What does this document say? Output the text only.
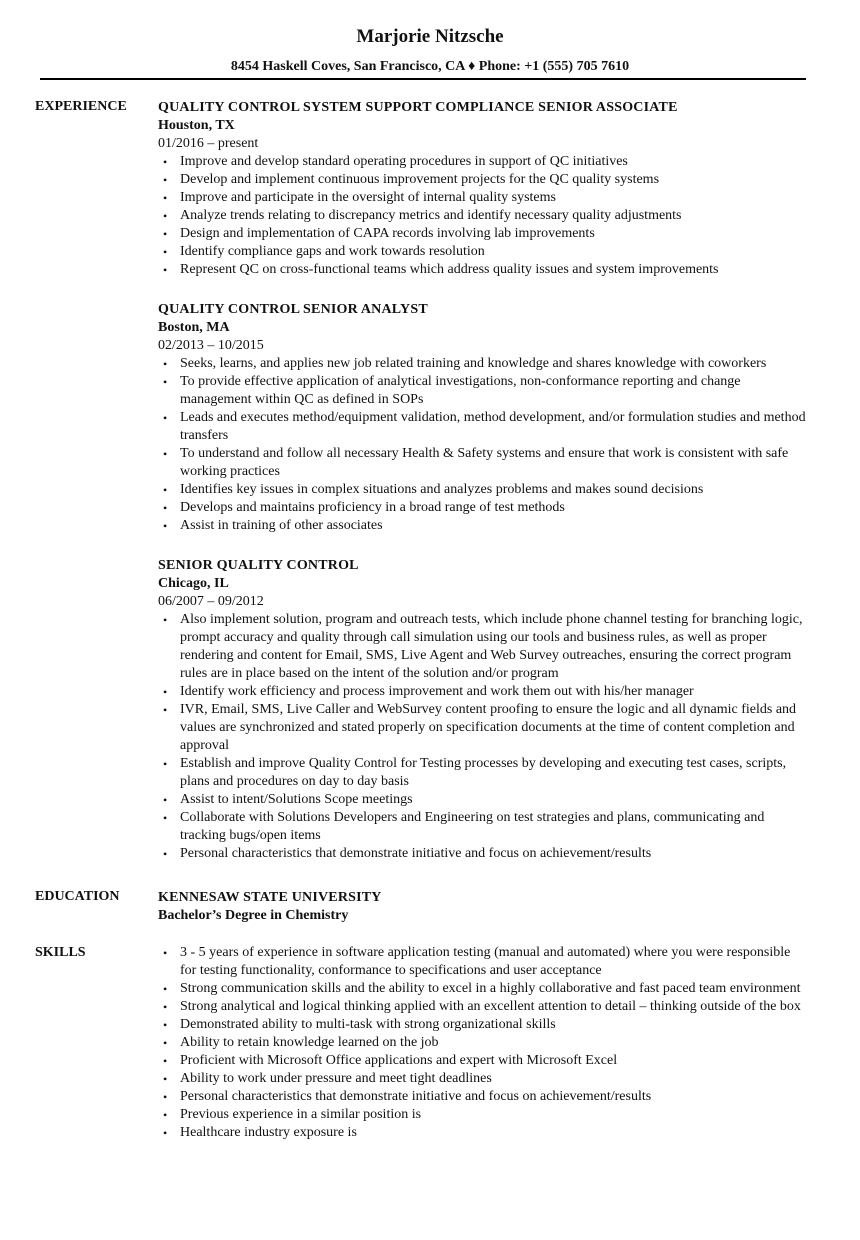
Marjorie Nitzsche
8454 Haskell Coves, San Francisco, CA ♦ Phone: +1 (555) 705 7610
EXPERIENCE QUALITY CONTROL SYSTEM SUPPORT COMPLIANCE SENIOR ASSOCIATE
Houston, TX
01/2016 – present
• Improve and develop standard operating procedures in support of QC initiatives
• Develop and implement continuous improvement projects for the QC quality systems
• Improve and participate in the oversight of internal quality systems
• Analyze trends relating to discrepancy metrics and identify necessary quality adjustments
• Design and implementation of CAPA records involving lab improvements
• Identify compliance gaps and work towards resolution
• Represent QC on cross-functional teams which address quality issues and system improvements
QUALITY CONTROL SENIOR ANALYST
Boston, MA
02/2013 – 10/2015
• Seeks, learns, and applies new job related training and knowledge and shares knowledge with coworkers
• To provide effective application of analytical investigations, non-conformance reporting and change management within QC as defined in SOPs
• Leads and executes method/equipment validation, method development, and/or formulation studies and method transfers
• To understand and follow all necessary Health & Safety systems and ensure that work is consistent with safe working practices
• Identifies key issues in complex situations and analyzes problems and makes sound decisions
• Develops and maintains proficiency in a broad range of test methods
• Assist in training of other associates
SENIOR QUALITY CONTROL
Chicago, IL
06/2007 – 09/2012
• Also implement solution, program and outreach tests, which include phone channel testing for branching logic, prompt accuracy and quality through call simulation using our tools and business rules, as well as proper rendering and content for Email, SMS, Live Agent and Web Survey outreaches, ensuring the correct program rules are in place based on the intent of the solution and/or program
• Identify work efficiency and process improvement and work them out with his/her manager
• IVR, Email, SMS, Live Caller and WebSurvey content proofing to ensure the logic and all dynamic fields and values are synchronized and stated properly on specification documents at the time of content completion and approval
• Establish and improve Quality Control for Testing processes by developing and executing test cases, scripts, plans and procedures on day to day basis
• Assist to intent/Solutions Scope meetings
• Collaborate with Solutions Developers and Engineering on test strategies and plans, communicating and tracking bugs/open items
• Personal characteristics that demonstrate initiative and focus on achievement/results
EDUCATION	KENNESAW STATE UNIVERSITY
Bachelor’s Degree in Chemistry
SKILLS
•	3 - 5 years of experience in software application testing (manual and automated) where you were responsible for testing functionality, conformance to specifications and user acceptance
• Strong communication skills and the ability to excel in a highly collaborative and fast paced team environment
• Strong analytical and logical thinking applied with an excellent attention to detail – thinking outside of the box
• Demonstrated ability to multi-task with strong organizational skills
• Ability to retain knowledge learned on the job
• Proficient with Microsoft Office applications and expert with Microsoft Excel
• Ability to work under pressure and meet tight deadlines
• Personal characteristics that demonstrate initiative and focus on achievement/results
• Previous experience in a similar position is
• Healthcare industry exposure is
